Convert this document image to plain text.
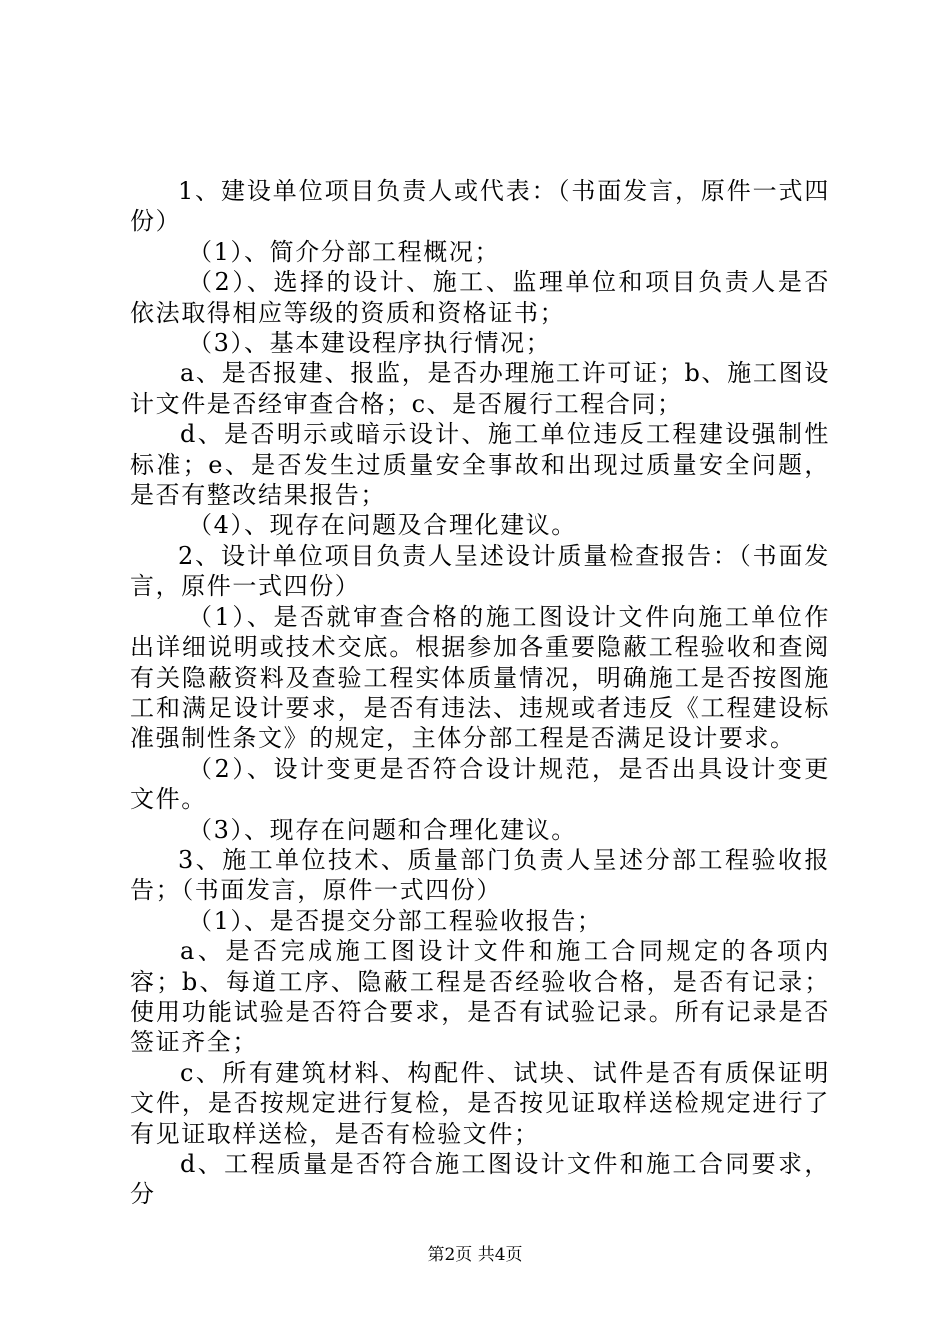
1、建设单位项目负责人或代表：（书面发言，原件一式四份）

（1）、简介分部工程概况；

（2）、选择的设计、施工、监理单位和项目负责人是否依法取得相应等级的资质和资格证书；

（3）、基本建设程序执行情况；

a、是否报建、报监，是否办理施工许可证；b、施工图设计文件是否经审查合格；c、是否履行工程合同；

d、是否明示或暗示设计、施工单位违反工程建设强制性标准；e、是否发生过质量安全事故和出现过质量安全问题，是否有整改结果报告；

（4）、现存在问题及合理化建议。

2、设计单位项目负责人呈述设计质量检查报告：（书面发言，原件一式四份）

（1）、是否就审查合格的施工图设计文件向施工单位作出详细说明或技术交底。根据参加各重要隐蔽工程验收和查阅有关隐蔽资料及查验工程实体质量情况，明确施工是否按图施工和满足设计要求，是否有违法、违规或者违反《工程建设标准强制性条文》的规定，主体分部工程是否满足设计要求。

（2）、设计变更是否符合设计规范，是否出具设计变更文件。

（3）、现存在问题和合理化建议。

3、施工单位技术、质量部门负责人呈述分部工程验收报告；（书面发言，原件一式四份）

（1）、是否提交分部工程验收报告；

a、是否完成施工图设计文件和施工合同规定的各项内容；b、每道工序、隐蔽工程是否经验收合格，是否有记录；使用功能试验是否符合要求，是否有试验记录。所有记录是否签证齐全；

c、所有建筑材料、构配件、试块、试件是否有质保证明文件，是否按规定进行复检，是否按见证取样送检规定进行了有见证取样送检，是否有检验文件；

d、工程质量是否符合施工图设计文件和施工合同要求，分

第2页 共4页
